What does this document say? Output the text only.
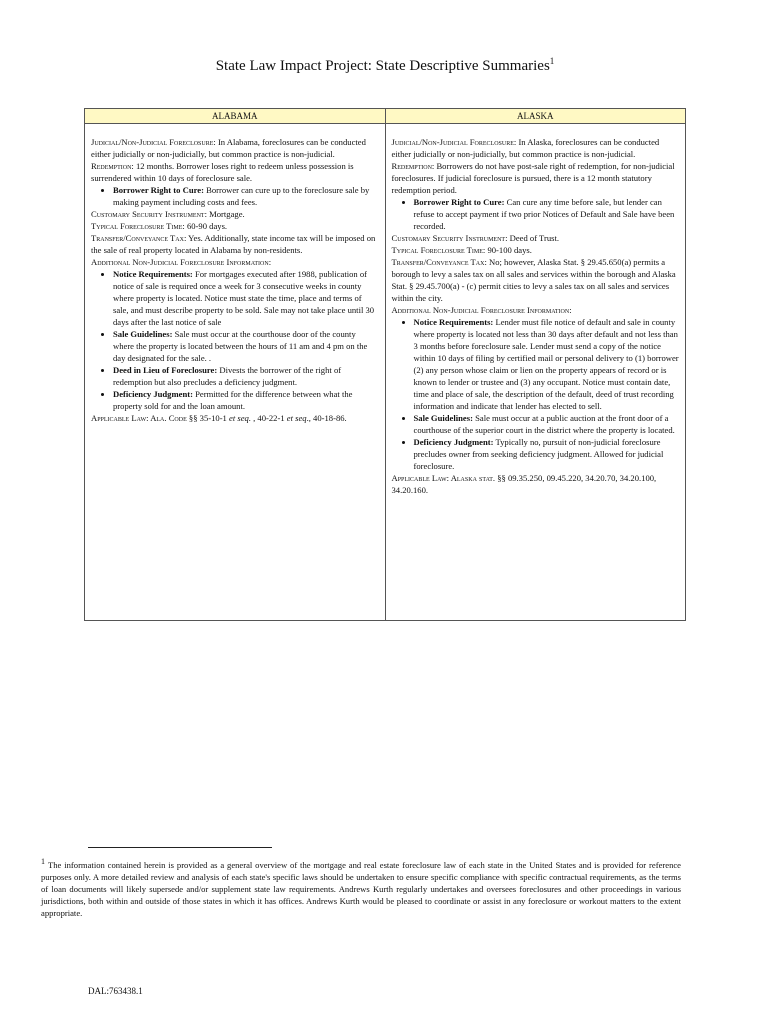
State Law Impact Project: State Descriptive Summaries$^1$
ALABAMA
Judicial/Non-Judicial Foreclosure: In Alabama, foreclosures can be conducted either judicially or non-judicially, but common practice is non-judicial.
Redemption: 12 months. Borrower loses right to redeem unless possession is surrendered within 10 days of foreclosure sale.
• Borrower Right to Cure: Borrower can cure up to the foreclosure sale by making payment including costs and fees.
Customary Security Instrument: Mortgage.
Typical Foreclosure Time: 60-90 days.
Transfer/Conveyance Tax: Yes. Additionally, state income tax will be imposed on the sale of real property located in Alabama by non-residents.
Additional Non-Judicial Foreclosure Information:
• Notice Requirements: For mortgages executed after 1988, publication of notice of sale is required once a week for 3 consecutive weeks in county where property is located. Notice must state the time, place and terms of sale, and must describe property to be sold. Sale may not take place until 30 days after the last notice of sale
• Sale Guidelines: Sale must occur at the courthouse door of the county where the property is located between the hours of 11 am and 4 pm on the day designated for the sale. .
• Deed in Lieu of Foreclosure: Divests the borrower of the right of redemption but also precludes a deficiency judgment.
• Deficiency Judgment: Permitted for the difference between what the property sold for and the loan amount.
Applicable Law: Ala. Code §§ 35-10-1 et seq. , 40-22-1 et seq., 40-18-86.
ALASKA
Judicial/Non-Judicial Foreclosure: In Alaska, foreclosures can be conducted either judicially or non-judicially, but common practice is non-judicial.
Redemption: Borrowers do not have post-sale right of redemption, for non-judicial foreclosures. If judicial foreclosure is pursued, there is a 12 month statutory redemption period.
• Borrower Right to Cure: Can cure any time before sale, but lender can refuse to accept payment if two prior Notices of Default and Sale have been recorded.
Customary Security Instrument: Deed of Trust.
Typical Foreclosure Time: 90-100 days.
Transfer/Conveyance Tax: No; however, Alaska Stat. § 29.45.650(a) permits a borough to levy a sales tax on all sales and services within the borough and Alaska Stat. § 29.45.700(a) - (c) permit cities to levy a sales tax on all sales and services within the city.
Additional Non-Judicial Foreclosure Information:
• Notice Requirements: Lender must file notice of default and sale in county where property is located not less than 30 days after default and not less than 3 months before foreclosure sale. Lender must send a copy of the notice within 10 days of filing by certified mail or personal delivery to (1) borrower (2) any person whose claim or lien on the property appears of record or is known to lender or trustee and (3) any occupant. Notice must contain date, time and place of sale, the description of the default, deed of trust recording information and indicate that lender has elected to sell.
• Sale Guidelines: Sale must occur at a public auction at the front door of a courthouse of the superior court in the district where the property is located.
• Deficiency Judgment: Typically no, pursuit of non-judicial foreclosure precludes owner from seeking deficiency judgment. Allowed for judicial foreclosure.
Applicable Law: Alaska stat. §§ 09.35.250, 09.45.220, 34.20.70, 34.20.100, 34.20.160.
$^1$ The information contained herein is provided as a general overview of the mortgage and real estate foreclosure law of each state in the United States and is provided for reference purposes only. A more detailed review and analysis of each state's specific laws should be undertaken to ensure specific compliance with specific contractual requirements, as the terms of loan documents will likely supersede and/or supplement state law requirements. Andrews Kurth regularly undertakes and oversees foreclosures and other proceedings in various jurisdictions, both within and outside of those states in which it has offices. Andrews Kurth would be pleased to coordinate or assist in any foreclosure or workout matters to the extent appropriate.
DAL:763438.1
